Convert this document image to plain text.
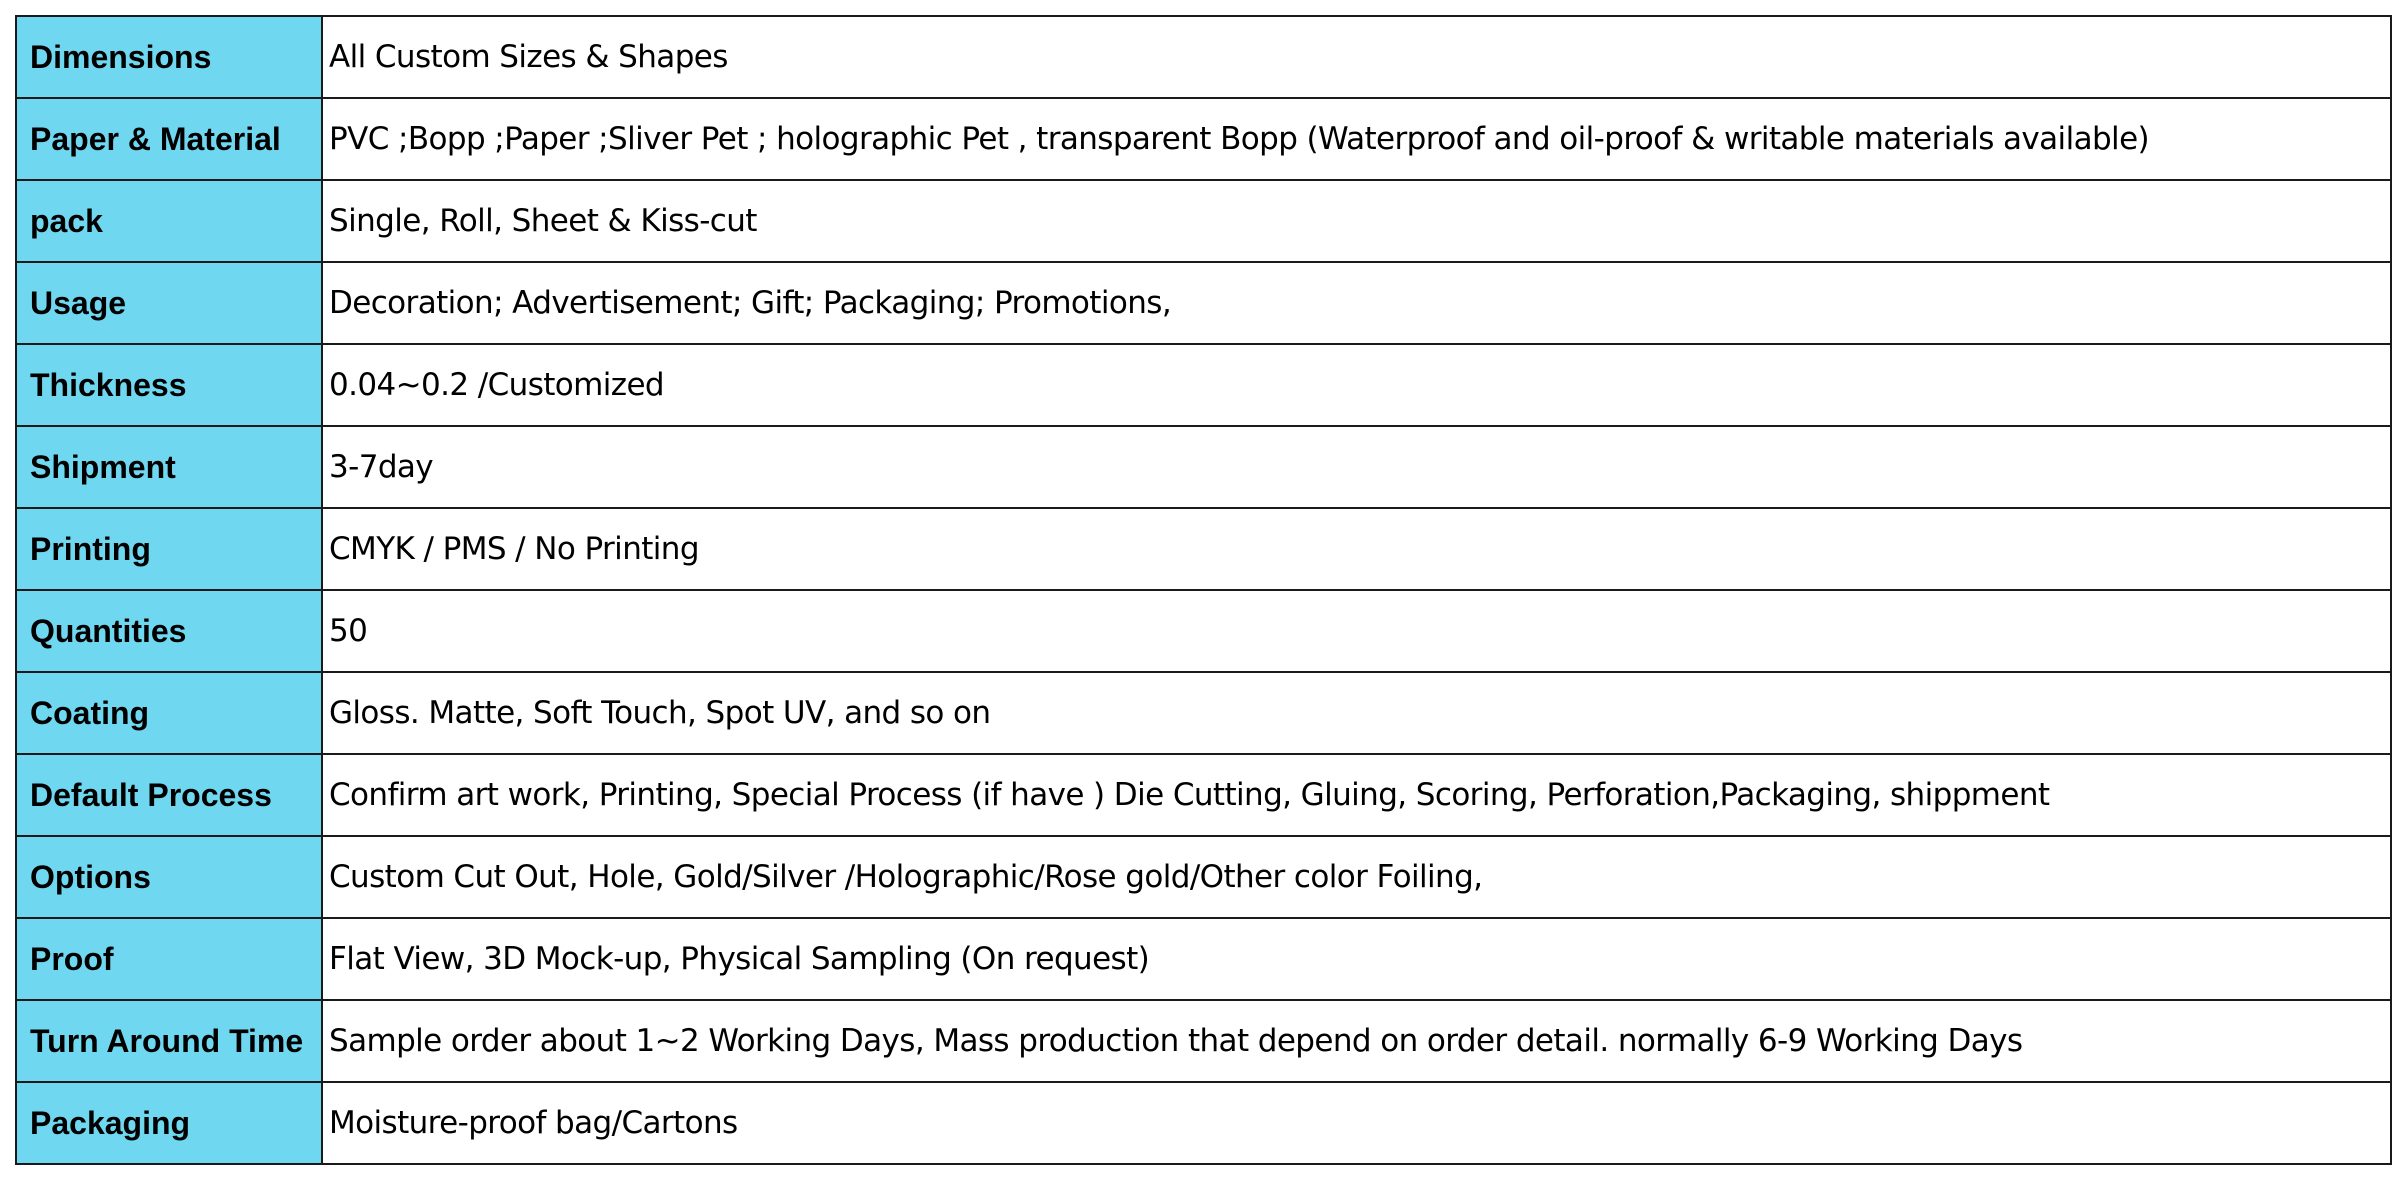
Dimensions	All Custom Sizes & Shapes
Paper & Material	PVC ;Bopp ;Paper ;Sliver Pet ; holographic Pet , transparent Bopp (Waterproof and oil-proof & writable materials available)
pack	Single, Roll, Sheet & Kiss-cut
Usage	Decoration; Advertisement; Gift; Packaging; Promotions,
Thickness	0.04~0.2 /Customized
Shipment	3-7day
Printing	CMYK / PMS / No Printing
Quantities	50
Coating	Gloss. Matte, Soft Touch, Spot UV, and so on
Default Process	Confirm art work, Printing, Special Process (if have ) Die Cutting, Gluing, Scoring, Perforation,Packaging, shippment
Options	Custom Cut Out, Hole, Gold/Silver /Holographic/Rose gold/Other color Foiling,
Proof	Flat View, 3D Mock-up, Physical Sampling (On request)
Turn Around Time	Sample order about 1~2 Working Days, Mass production that depend on order detail. normally 6-9 Working Days
Packaging	Moisture-proof bag/Cartons
